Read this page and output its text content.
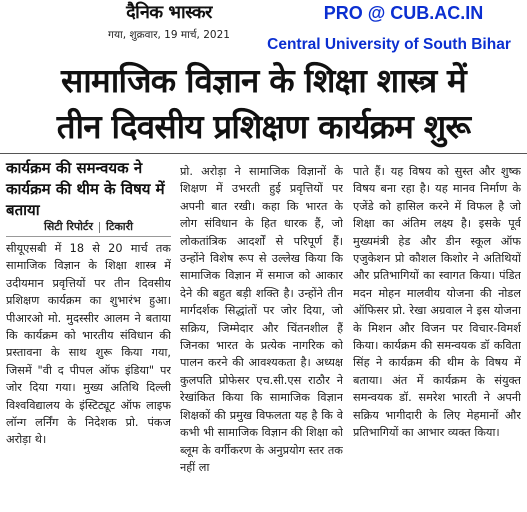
दैनिक भास्कर
गया, शुक्रवार, 19 मार्च, 2021
PRO @ CUB.AC.IN
Central University of South Bihar
सामाजिक विज्ञान के शिक्षा शास्त्र में
तीन दिवसीय प्रशिक्षण कार्यक्रम शुरू
कार्यक्रम की समन्वयक ने कार्यक्रम की थीम के विषय में बताया
सिटी रिपोर्टर टिकारी

सीयूएसबी में 18 से 20 मार्च तक सामाजिक विज्ञान के शिक्षा शास्त्र में उदीयमान प्रवृत्तियों पर तीन दिवसीय प्रशिक्षण कार्यक्रम का शुभारंभ हुआ। पीआरओ मो. मुदस्सीर आलम ने बताया कि कार्यक्रम को भारतीय संविधान की प्रस्तावना के साथ शुरू किया गया, जिसमें "वी द पीपल ऑफ इंडिया" पर जोर दिया गया। मुख्य अतिथि दिल्ली विश्वविद्यालय के इंस्टिट्यूट ऑफ लाइफ लॉन्ग लर्निंग के निदेशक प्रो. पंकज अरोड़ा थे।

प्रो. अरोड़ा ने सामाजिक विज्ञानों के शिक्षण में उभरती हुई प्रवृत्तियों पर अपनी बात रखी। कहा कि भारत के लोग संविधान के हित धारक हैं, जो लोकतांत्रिक आदर्शों से परिपूर्ण हैं। उन्होंने विशेष रूप से उल्लेख किया कि सामाजिक विज्ञान में समाज को आकार देने की बहुत बड़ी शक्ति है। उन्होंने तीन मार्गदर्शक सिद्धांतों पर जोर दिया, जो सक्रिय, जिम्मेदार और चिंतनशील हैं जिनका भारत के प्रत्येक नागरिक को पालन करने की आवश्यकता है। अध्यक्ष कुलपति प्रोफेसर एच.सी.एस राठौर ने रेखांकित किया कि सामाजिक विज्ञान शिक्षकों की प्रमुख विफलता यह है कि वे कभी भी सामाजिक विज्ञान की शिक्षा को ब्लूम के वर्गीकरण के अनुप्रयोग स्तर तक नहीं ला

पाते हैं। यह विषय को सुस्त और शुष्क विषय बना रहा है। यह मानव निर्माण के एजेंडे को हासिल करने में विफल है जो शिक्षा का अंतिम लक्ष्य है। इसके पूर्व मुख्यमंत्री हेड और डीन स्कूल ऑफ एजुकेशन प्रो कौशल किशोर ने अतिथियों और प्रतिभागियों का स्वागत किया। पंडित मदन मोहन मालवीय योजना की नोडल ऑफिसर प्रो. रेखा अग्रवाल ने इस योजना के मिशन और विजन पर विचार-विमर्श किया। कार्यक्रम की समन्वयक डॉ कविता सिंह ने कार्यक्रम की थीम के विषय में बताया। अंत में कार्यक्रम के संयुक्त समन्वयक डॉ. समरेश भारती ने अपनी सक्रिय भागीदारी के लिए मेहमानों और प्रतिभागियों का आभार व्यक्त किया।
